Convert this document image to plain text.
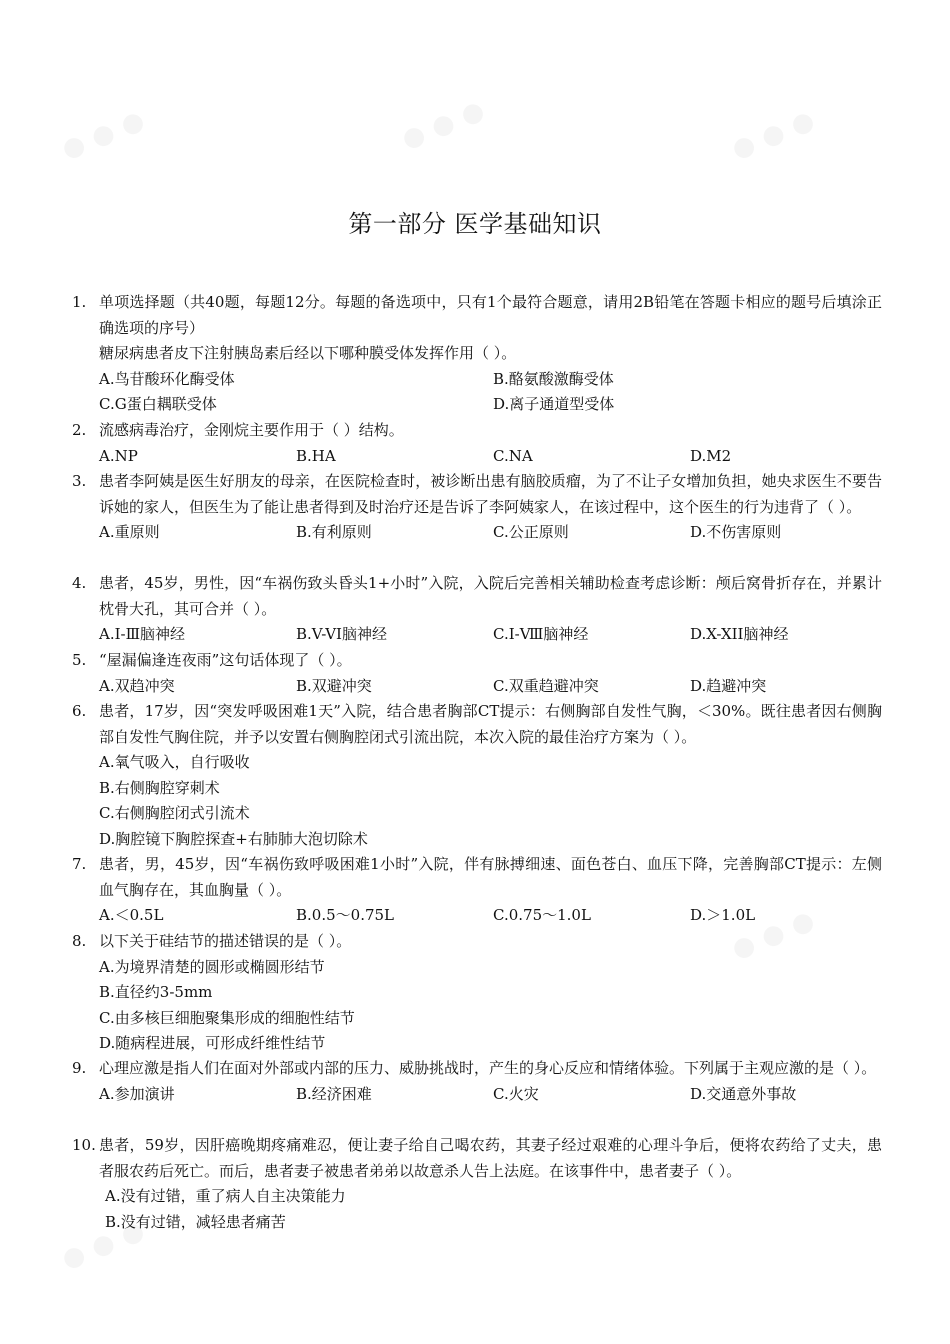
第一部分 医学基础知识
1. 单项选择题（共40题，每题12分。每题的备选项中，只有1个最符合题意，请用2B铅笔在答题卡相应的题号后填涂正确选项的序号）
糖尿病患者皮下注射胰岛素后经以下哪种膜受体发挥作用（ ）。
A.鸟苷酸环化酶受体	B.酪氨酸激酶受体
C.G蛋白耦联受体	D.离子通道型受体
2. 流感病毒治疗，金刚烷主要作用于（ ）结构。
A.NP	B.HA	C.NA	D.M2
3. 患者李阿姨是医生好朋友的母亲，在医院检查时，被诊断出患有脑胶质瘤，为了不让子女增加负担，她央求医生不要告诉她的家人，但医生为了能让患者得到及时治疗还是告诉了李阿姨家人，在该过程中，这个医生的行为违背了（ ）。
A.重原则	B.有利原则	C.公正原则	D.不伤害原则
4. 患者，45岁，男性，因“车祸伤致头昏头1+小时”入院，入院后完善相关辅助检查考虑诊断：颅后窝骨折存在，并累计枕骨大孔，其可合并（ ）。
A.Ⅰ-Ⅲ脑神经	B.V-VI脑神经	C.I-Ⅷ脑神经	D.X-XII脑神经
5. “屋漏偏逢连夜雨”这句话体现了（ ）。
A.双趋冲突	B.双避冲突	C.双重趋避冲突	D.趋避冲突
6. 患者，17岁，因“突发呼吸困难1天”入院，结合患者胸部CT提示：右侧胸部自发性气胸，＜30%。既往患者因右侧胸部自发性气胸住院，并予以安置右侧胸腔闭式引流出院，本次入院的最佳治疗方案为（ ）。
A.氧气吸入，自行吸收
B.右侧胸腔穿刺术
C.右侧胸腔闭式引流术
D.胸腔镜下胸腔探查+右肺肺大泡切除术
7. 患者，男，45岁，因“车祸伤致呼吸困难1小时”入院，伴有脉搏细速、面色苍白、血压下降，完善胸部CT提示：左侧血气胸存在，其血胸量（ ）。
A.＜0.5L	B.0.5～0.75L	C.0.75～1.0L	D.＞1.0L
8. 以下关于硅结节的描述错误的是（ ）。
A.为境界清楚的圆形或椭圆形结节
B.直径约3-5mm
C.由多核巨细胞聚集形成的细胞性结节
D.随病程进展，可形成纤维性结节
9. 心理应激是指人们在面对外部或内部的压力、威胁挑战时，产生的身心反应和情绪体验。下列属于主观应激的是（ ）。
A.参加演讲	B.经济困难	C.火灾	D.交通意外事故
10. 患者，59岁，因肝癌晚期疼痛难忍，便让妻子给自己喝农药，其妻子经过艰难的心理斗争后，便将农药给了丈夫，患者服农药后死亡。而后，患者妻子被患者弟弟以故意杀人告上法庭。在该事件中，患者妻子（ ）。
A.没有过错，重了病人自主决策能力
B.没有过错，减轻患者痛苦
